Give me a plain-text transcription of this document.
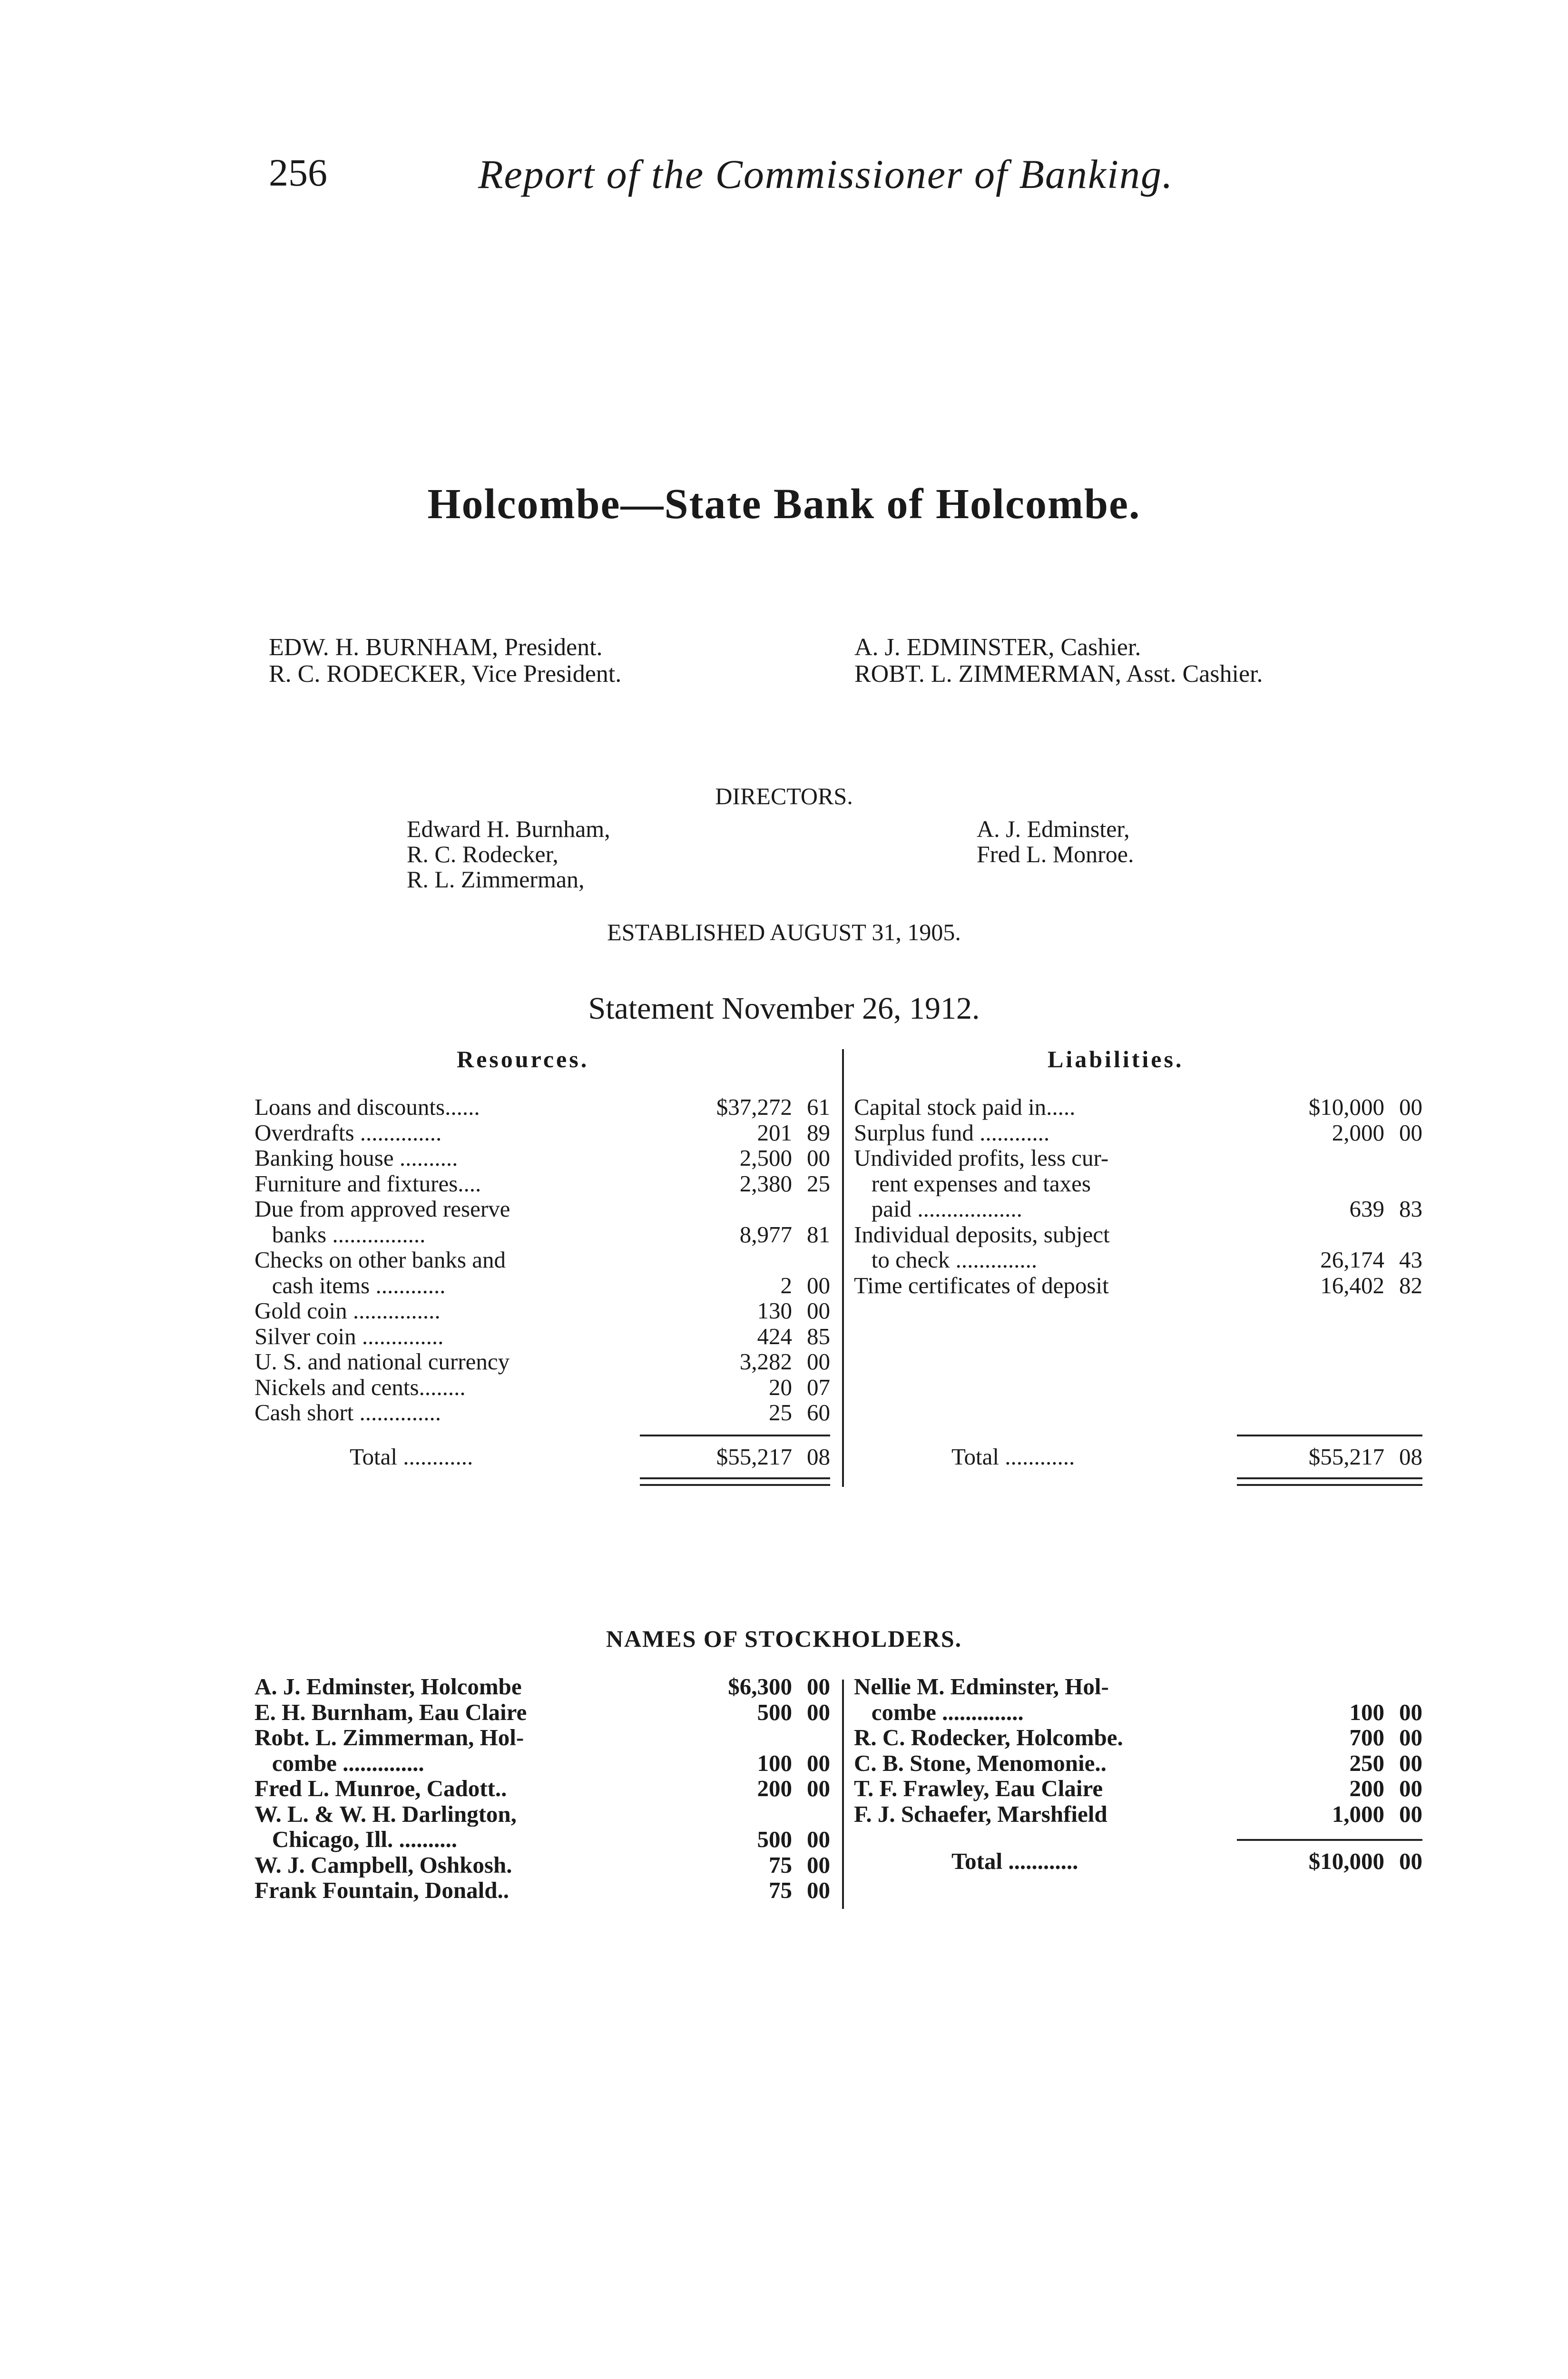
256	Report of the Commissioner of Banking.
Holcombe—State Bank of Holcombe.
EDW. H. BURNHAM, President.
R. C. RODECKER, Vice President.
A. J. EDMINSTER, Cashier.
ROBT. L. ZIMMERMAN, Asst. Cashier.
DIRECTORS.
Edward H. Burnham,
R. C. Rodecker,
R. L. Zimmerman,
A. J. Edminster,
Fred L. Monroe.
ESTABLISHED AUGUST 31, 1905.
Statement November 26, 1912.
Resources.	Liabilities.
Loans and discounts......	$37,272 61
Overdrafts ..............	201 89
Banking house ..........	2,500 00
Furniture and fixtures....	2,380 25
Due from approved reserve
banks ................	8,977 81
Checks on other banks and
cash items ............	2 00
Gold coin ...............	130 00
Silver coin ..............	424 85
U. S. and national currency	3,282 00
Nickels and cents........	20 07
Cash short ..............	25 60
Capital stock paid in.....	$10,000 00
Surplus fund ............	2,000 00
Undivided profits, less cur-
rent expenses and taxes
paid ..................	639 83
Individual deposits, subject
to check ..............	26,174 43
Time certificates of deposit	16,402 82
Total ............	$55,217 08	Total ............	$55,217 08
NAMES OF STOCKHOLDERS.
A. J. Edminster, Holcombe	$6,300 00
E. H. Burnham, Eau Claire	500 00
Robt. L. Zimmerman, Hol-
combe ..............	100 00
Fred L. Munroe, Cadott..	200 00
W. L. & W. H. Darlington,
Chicago, Ill. ..........	500 00
W. J. Campbell, Oshkosh.	75 00
Frank Fountain, Donald..	75 00
Nellie M. Edminster, Hol-
combe ..............	100 00
R. C. Rodecker, Holcombe.	700 00
C. B. Stone, Menomonie..	250 00
T. F. Frawley, Eau Claire	200 00
F. J. Schaefer, Marshfield	1,000 00
Total ............	$10,000 00
